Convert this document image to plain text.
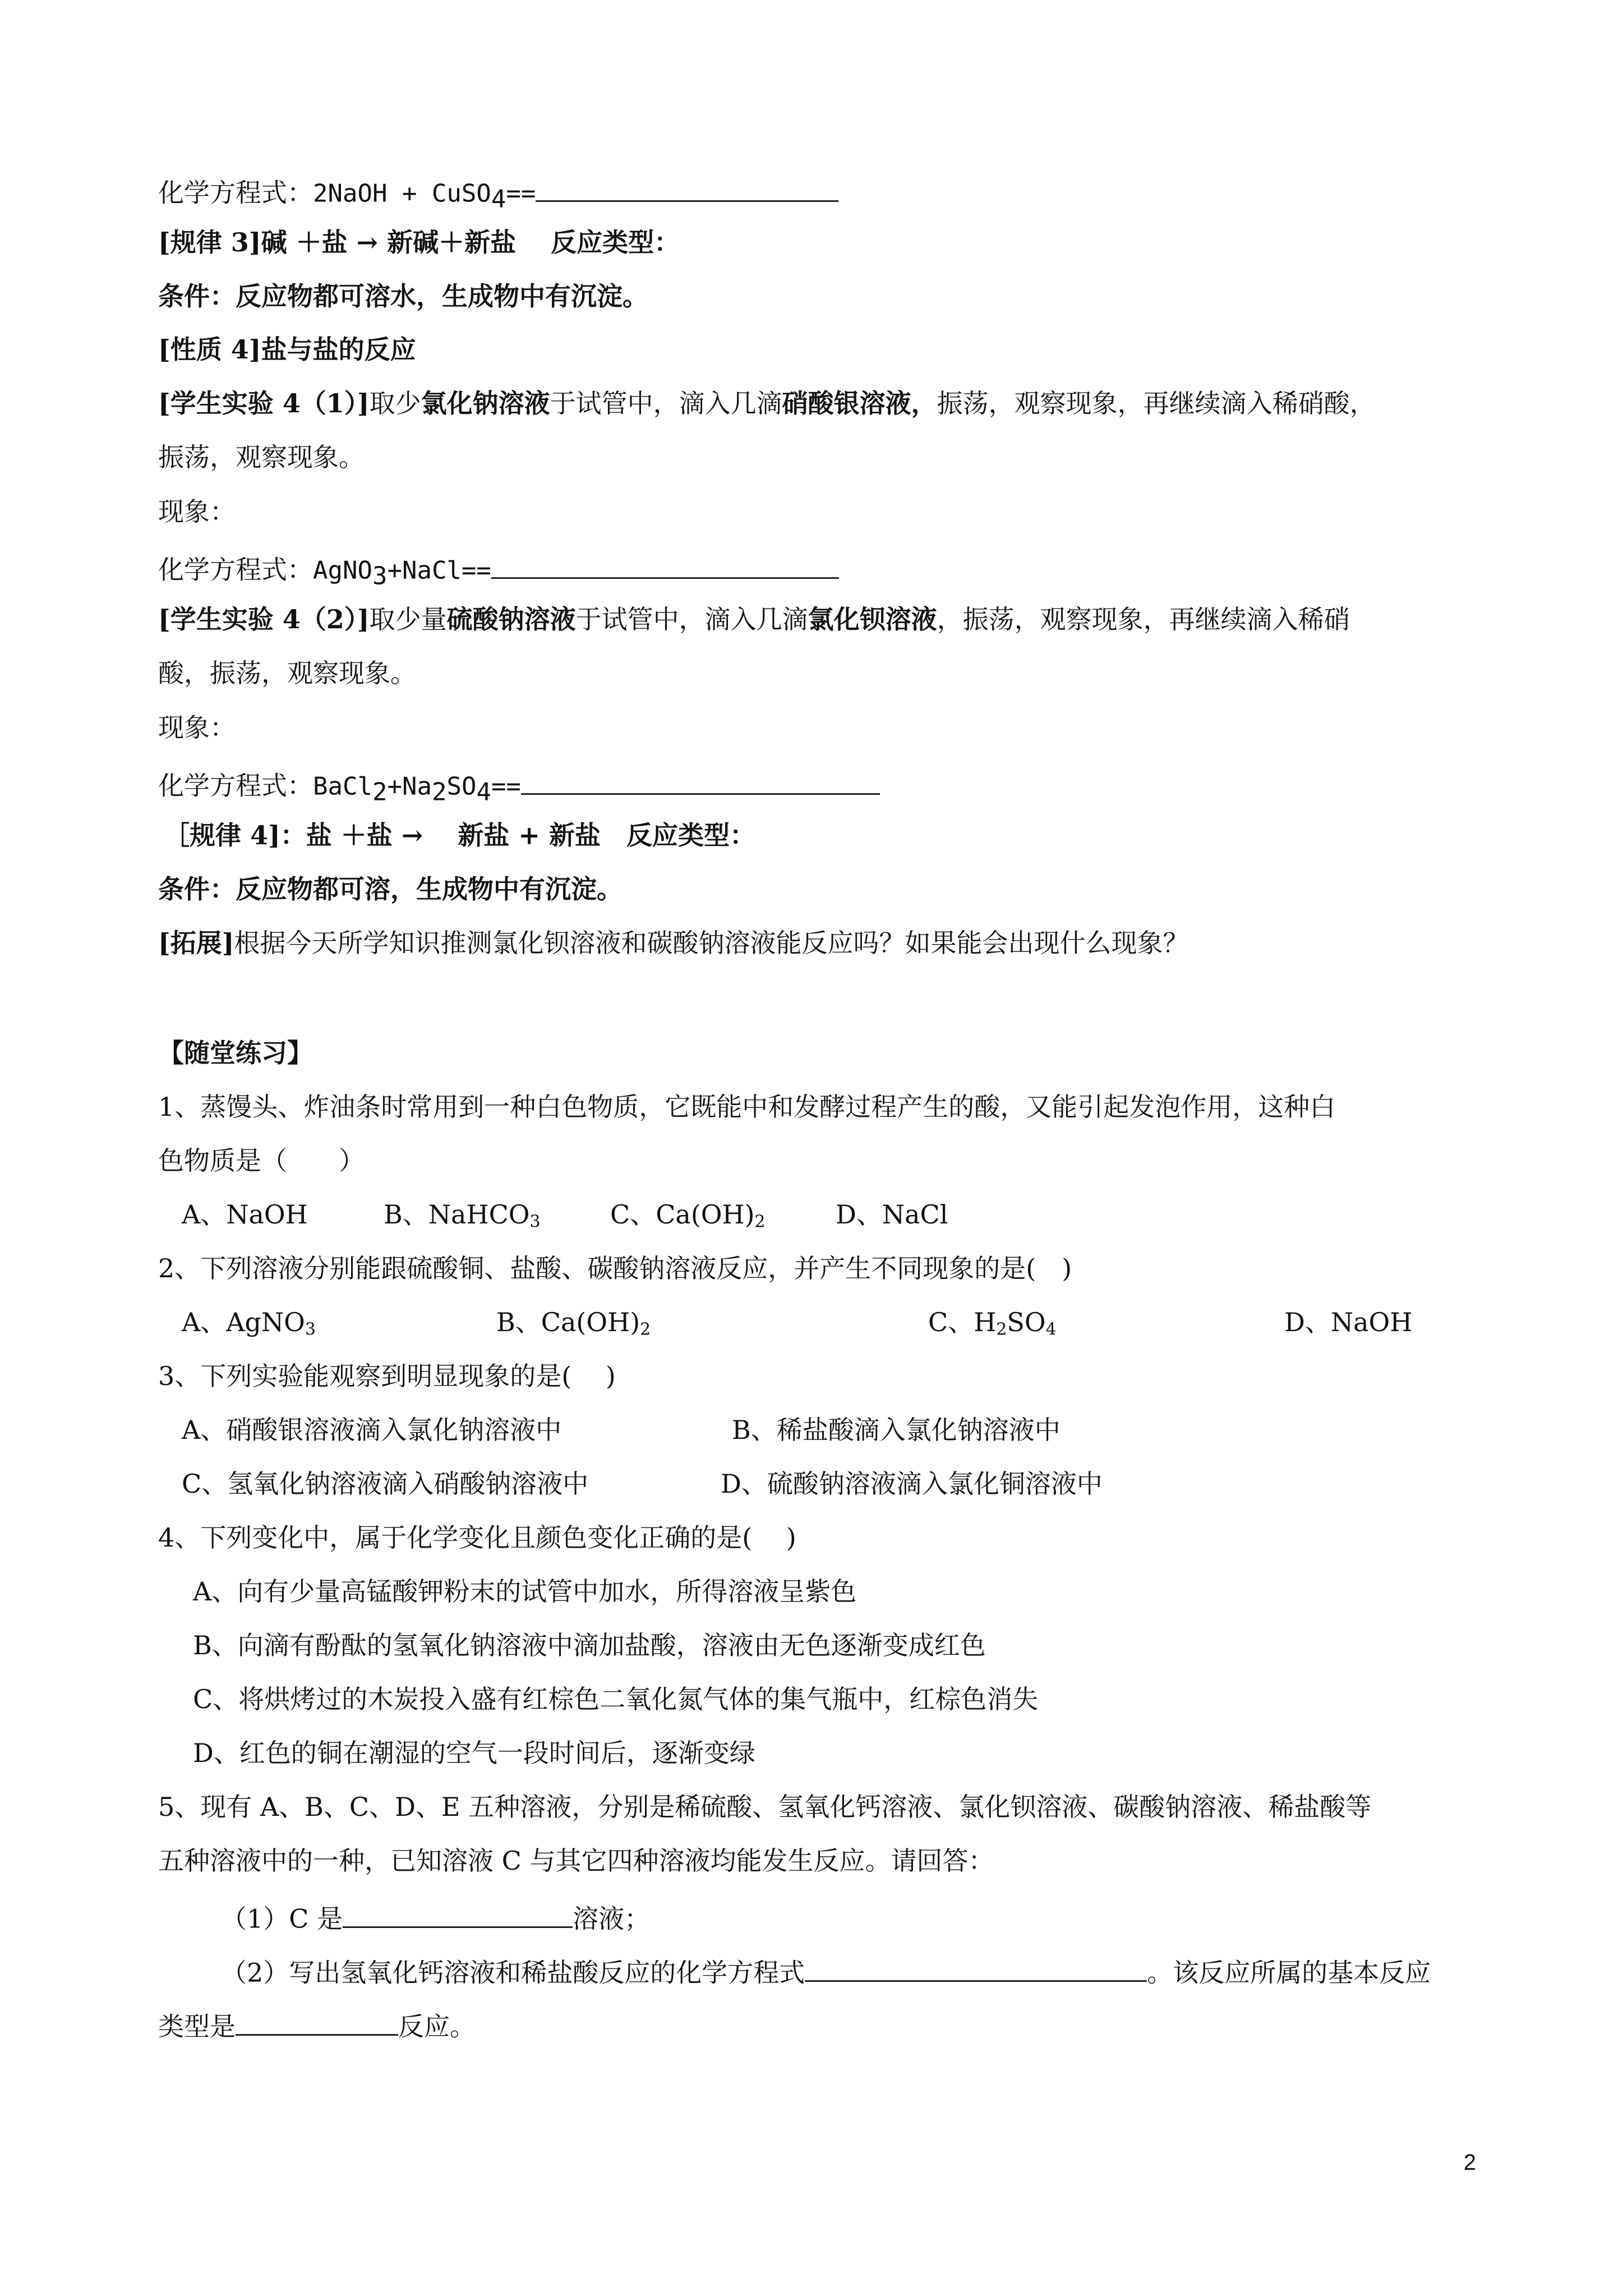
化学方程式：2NaOH + CuSO$_4$==
[规律 3]碱 ＋盐 → 新碱＋新盐　 反应类型：
条件：反应物都可溶水，生成物中有沉淀。
[性质 4]盐与盐的反应
[学生实验 4（1）]取少氯化钠溶液于试管中，滴入几滴硝酸银溶液，振荡，观察现象，再继续滴入稀硝酸，
振荡，观察现象。
现象：
化学方程式：AgNO$_3$+NaCl==
[学生实验 4（2）]取少量硫酸钠溶液于试管中，滴入几滴氯化钡溶液，振荡，观察现象，再继续滴入稀硝
酸，振荡，观察现象。
现象：
化学方程式：$BaCl_2+Na_2SO_4==$
［规律 4]：盐 ＋盐 → 　新盐 + 新盐　反应类型：
条件：反应物都可溶，生成物中有沉淀。
[拓展]根据今天所学知识推测氯化钡溶液和碳酸钠溶液能反应吗？如果能会出现什么现象？
【随堂练习】
1、蒸馒头、炸油条时常用到一种白色物质，它既能中和发酵过程产生的酸，又能引起发泡作用，这种白
色物质是（　　）
A、NaOH	B、NaHCO$_3$	C、$Ca(OH)_2$	D、NaCl
2、下列溶液分别能跟硫酸铜、盐酸、碳酸钠溶液反应，并产生不同现象的是(　)
A、AgNO$_3$	B、$Ca(OH)_2$	C、$H_2SO_4$	D、NaOH
3、下列实验能观察到明显现象的是(　 )
A、硝酸银溶液滴入氯化钠溶液中	B、稀盐酸滴入氯化钠溶液中
C、氢氧化钠溶液滴入硝酸钠溶液中	D、硫酸钠溶液滴入氯化铜溶液中
4、下列变化中，属于化学变化且颜色变化正确的是(　 )
A、向有少量高锰酸钾粉末的试管中加水，所得溶液呈紫色
B、向滴有酚酞的氢氧化钠溶液中滴加盐酸，溶液由无色逐渐变成红色
C、将烘烤过的木炭投入盛有红棕色二氧化氮气体的集气瓶中，红棕色消失
D、红色的铜在潮湿的空气一段时间后，逐渐变绿
5、现有 A、B、C、D、E 五种溶液，分别是稀硫酸、氢氧化钙溶液、氯化钡溶液、碳酸钠溶液、稀盐酸等
五种溶液中的一种，已知溶液 C 与其它四种溶液均能发生反应。请回答：
（1）C 是	溶液；
（2）写出氢氧化钙溶液和稀盐酸反应的化学方程式	。该反应所属的基本反应
类型是	反应。
2
